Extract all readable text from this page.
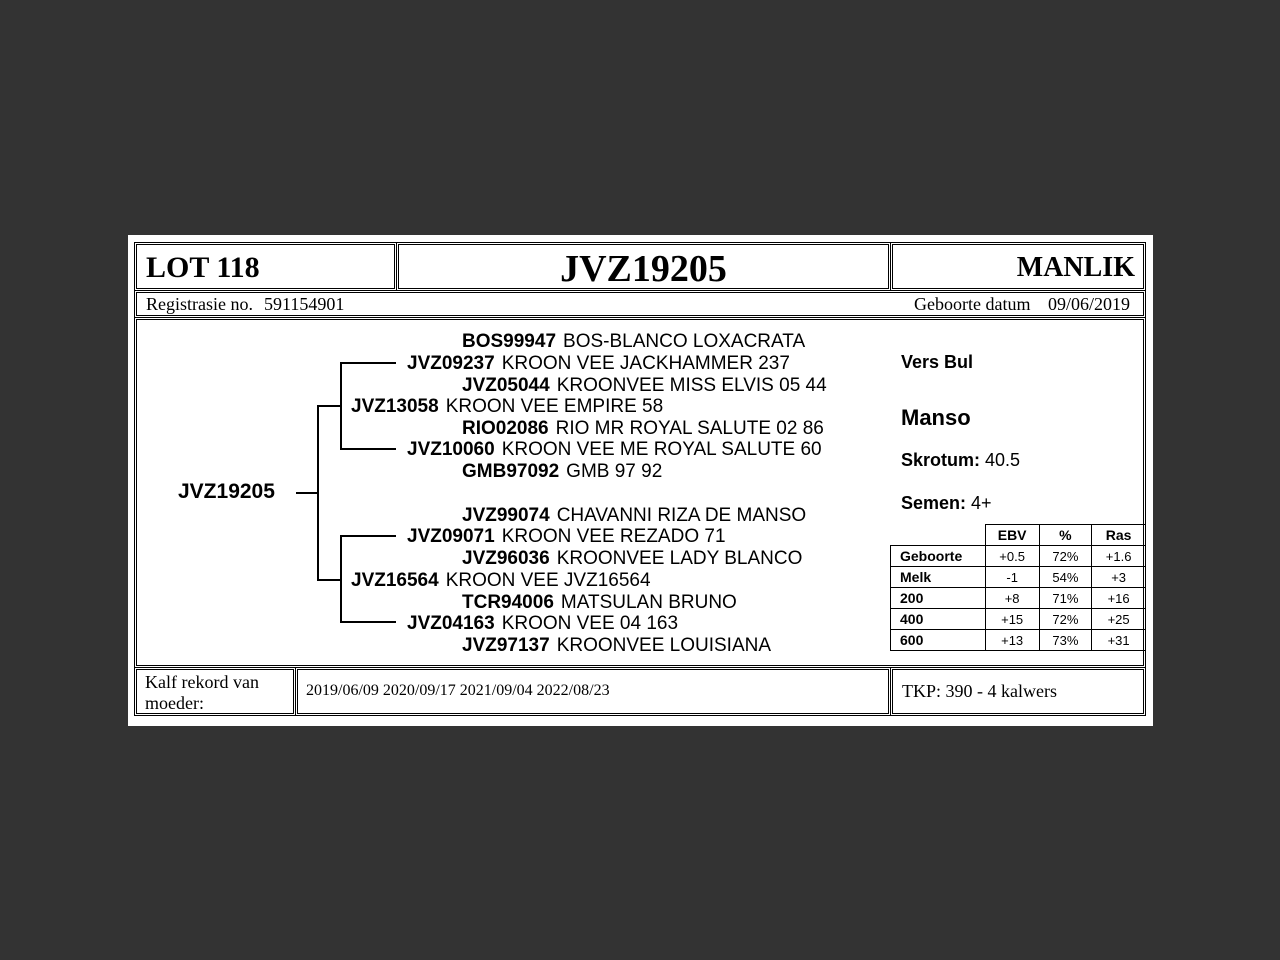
LOT 118	JVZ19205	MANLIK
Registrasie no. 591154901	Geboorte datum 09/06/2019
JVZ19205
BOS99947 BOS-BLANCO LOXACRATA
JVZ09237 KROON VEE JACKHAMMER 237
JVZ05044 KROONVEE MISS ELVIS 05 44
JVZ13058 KROON VEE EMPIRE 58
RIO02086 RIO MR ROYAL SALUTE 02 86
JVZ10060 KROON VEE ME ROYAL SALUTE 60
GMB97092 GMB 97 92
JVZ99074 CHAVANNI RIZA DE MANSO
JVZ09071 KROON VEE REZADO 71
JVZ96036 KROONVEE LADY BLANCO
JVZ16564 KROON VEE JVZ16564
TCR94006 MATSULAN BRUNO
JVZ04163 KROON VEE 04 163
JVZ97137 KROONVEE LOUISIANA
Vers Bul
Manso
Skrotum: 40.5
Semen: 4+
	EBV	%	Ras
Geboorte	+0.5	72%	+1.6
Melk	-1	54%	+3
200	+8	71%	+16
400	+15	72%	+25
600	+13	73%	+31
Kalf rekord van moeder:
2019/06/09 2020/09/17 2021/09/04 2022/08/23	TKP: 390 - 4 kalwers
